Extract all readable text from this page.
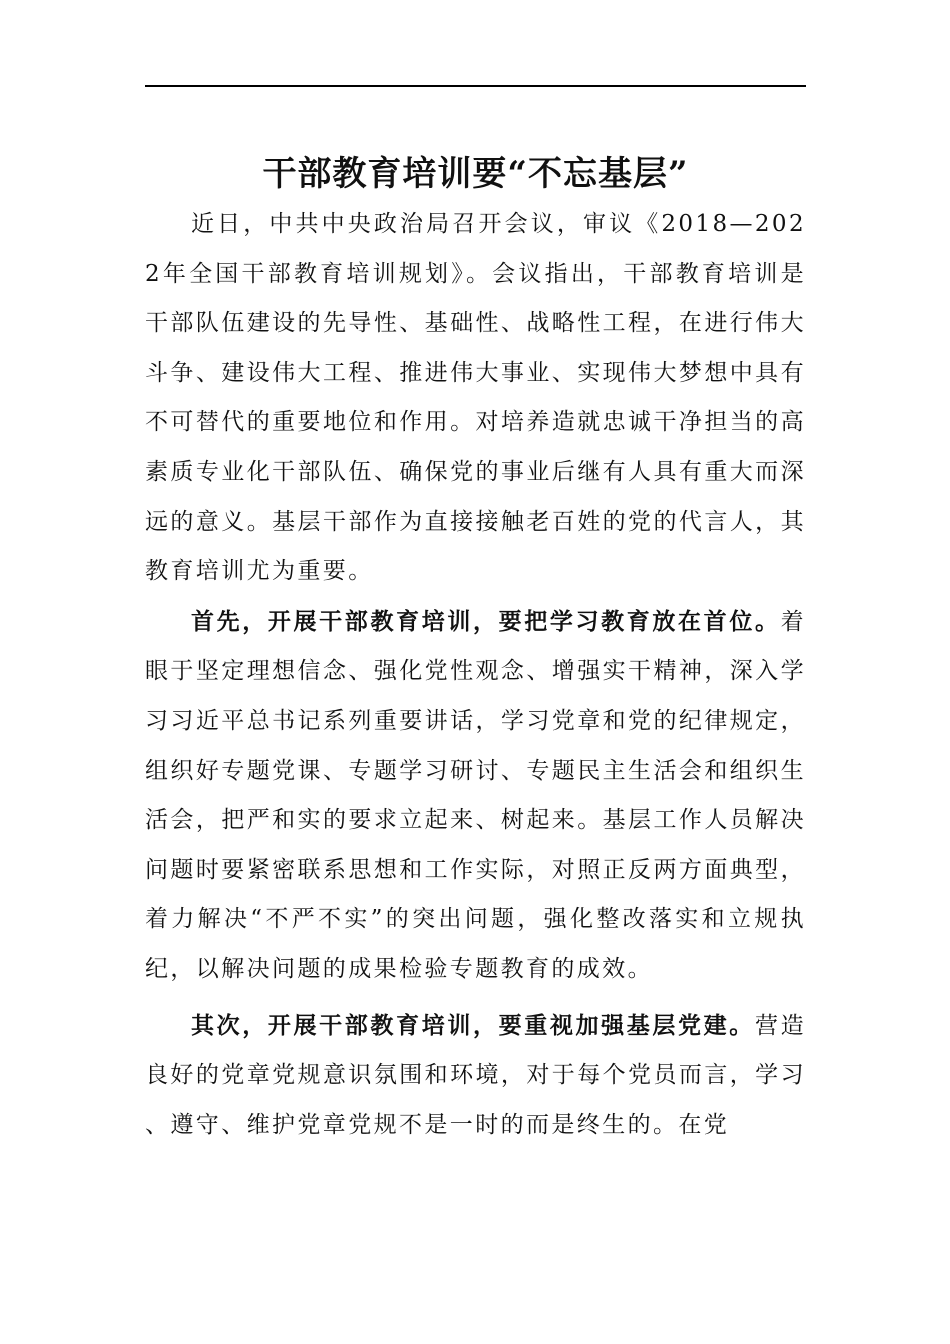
干部教育培训要“不忘基层”

近日，中共中央政治局召开会议，审议《2018—2022年全国干部教育培训规划》。会议指出，干部教育培训是干部队伍建设的先导性、基础性、战略性工程，在进行伟大斗争、建设伟大工程、推进伟大事业、实现伟大梦想中具有不可替代的重要地位和作用。对培养造就忠诚干净担当的高素质专业化干部队伍、确保党的事业后继有人具有重大而深远的意义。基层干部作为直接接触老百姓的党的代言人，其教育培训尤为重要。

首先，开展干部教育培训，要把学习教育放在首位。着眼于坚定理想信念、强化党性观念、增强实干精神，深入学习习近平总书记系列重要讲话，学习党章和党的纪律规定，组织好专题党课、专题学习研讨、专题民主生活会和组织生活会，把严和实的要求立起来、树起来。基层工作人员解决问题时要紧密联系思想和工作实际，对照正反两方面典型，着力解决“不严不实”的突出问题，强化整改落实和立规执纪，以解决问题的成果检验专题教育的成效。

其次，开展干部教育培训，要重视加强基层党建。营造良好的党章党规意识氛围和环境，对于每个党员而言，学习、遵守、维护党章党规不是一时的而是终生的。在党
